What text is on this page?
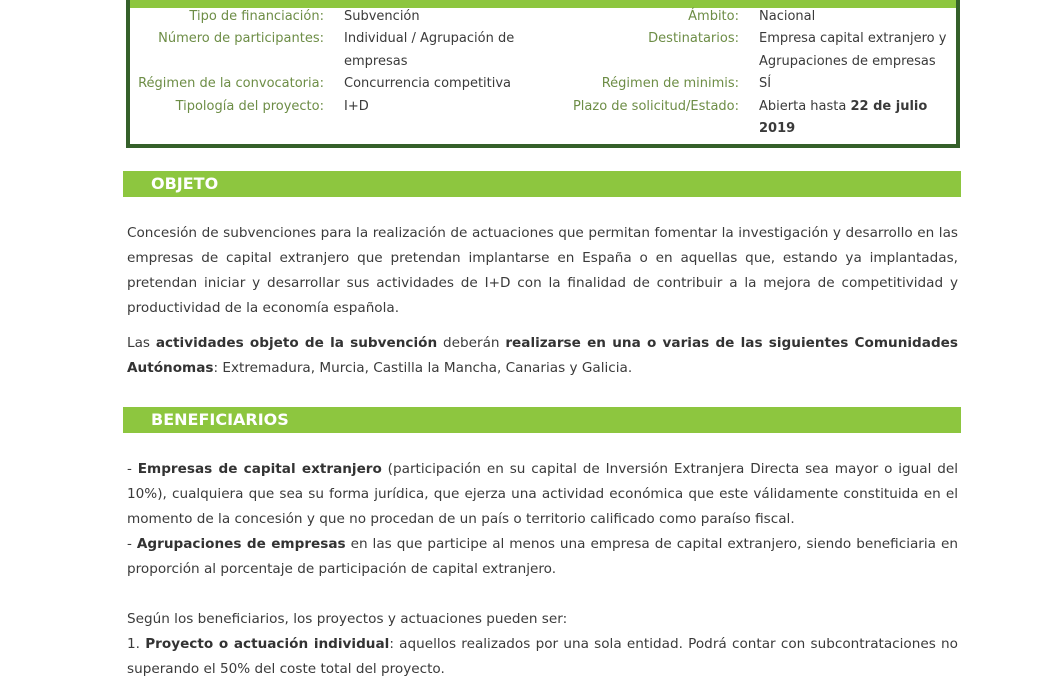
Tipo de financiación: Subvención
Número de participantes: Individual / Agrupación de
empresas
Régimen de la convocatoria: Concurrencia competitiva
Tipología del proyecto: I+D
Ámbito: Nacional
Destinatarios: Empresa capital extranjero y
Agrupaciones de empresas
Régimen de minimis: SÍ
Plazo de solicitud/Estado: Abierta hasta 22 de julio
2019
OBJETO
Concesión de subvenciones para la realización de actuaciones que permitan fomentar la investigación y desarrollo en las empresas de capital extranjero que pretendan implantarse en España o en aquellas que, estando ya implantadas, pretendan iniciar y desarrollar sus actividades de I+D con la finalidad de contribuir a la mejora de competitividad y productividad de la economía española.
Las actividades objeto de la subvención deberán realizarse en una o varias de las siguientes Comunidades Autónomas: Extremadura, Murcia, Castilla la Mancha, Canarias y Galicia.
BENEFICIARIOS
- Empresas de capital extranjero (participación en su capital de Inversión Extranjera Directa sea mayor o igual del 10%), cualquiera que sea su forma jurídica, que ejerza una actividad económica que este válidamente constituida en el momento de la concesión y que no procedan de un país o territorio calificado como paraíso fiscal.
- Agrupaciones de empresas en las que participe al menos una empresa de capital extranjero, siendo beneficiaria en proporción al porcentaje de participación de capital extranjero.
Según los beneficiarios, los proyectos y actuaciones pueden ser:
1. Proyecto o actuación individual: aquellos realizados por una sola entidad. Podrá contar con subcontrataciones no superando el 50% del coste total del proyecto.
